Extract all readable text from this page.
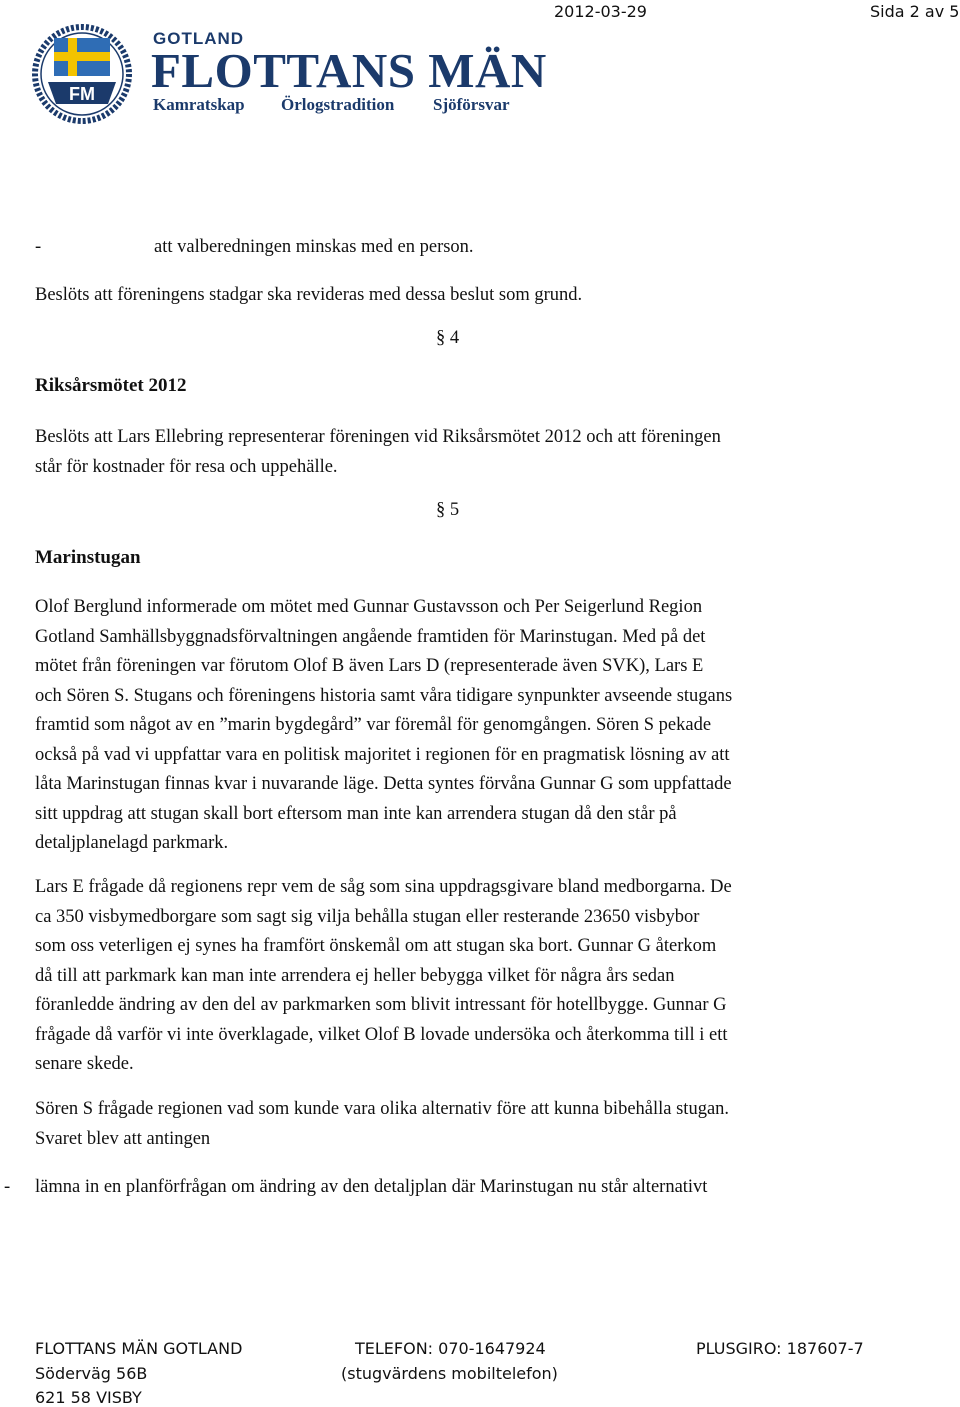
FM
GOTLAND
FLOTTANS MÄN
Kamratskap Örlogstradition Sjöförsvar
2012-03-29	Sida 2 av 5
-	att valberedningen minskas med en person.
Beslöts att föreningens stadgar ska revideras med dessa beslut som grund.
§ 4
Riksårsmötet 2012
Beslöts att Lars Ellebring representerar föreningen vid Riksårsmötet 2012 och att föreningen
står för kostnader för resa och uppehälle.
§ 5
Marinstugan
Olof Berglund informerade om mötet med Gunnar Gustavsson och Per Seigerlund Region
Gotland Samhällsbyggnadsförvaltningen angående framtiden för Marinstugan. Med på det
mötet från föreningen var förutom Olof B även Lars D (representerade även SVK), Lars E
och Sören S. Stugans och föreningens historia samt våra tidigare synpunkter avseende stugans
framtid som något av en ”marin bygdegård” var föremål för genomgången. Sören S pekade
också på vad vi uppfattar vara en politisk majoritet i regionen för en pragmatisk lösning av att
låta Marinstugan finnas kvar i nuvarande läge. Detta syntes förvåna Gunnar G som uppfattade
sitt uppdrag att stugan skall bort eftersom man inte kan arrendera stugan då den står på
detaljplanelagd parkmark.
Lars E frågade då regionens repr vem de såg som sina uppdragsgivare bland medborgarna. De
ca 350 visbymedborgare som sagt sig vilja behålla stugan eller resterande 23650 visbybor
som oss veterligen ej synes ha framfört önskemål om att stugan ska bort. Gunnar G återkom
då till att parkmark kan man inte arrendera ej heller bebygga vilket för några års sedan
föranledde ändring av den del av parkmarken som blivit intressant för hotellbygge. Gunnar G
frågade då varför vi inte överklagade, vilket Olof B lovade undersöka och återkomma till i ett
senare skede.
Sören S frågade regionen vad som kunde vara olika alternativ före att kunna bibehålla stugan.
Svaret blev att antingen
- lämna in en planförfrågan om ändring av den detaljplan där Marinstugan nu står alternativt
FLOTTANS MÄN GOTLAND
Söderväg 56B
621 58 VISBY
TELEFON: 070-1647924
(stugvärdens mobiltelefon)
PLUSGIRO: 187607-7
